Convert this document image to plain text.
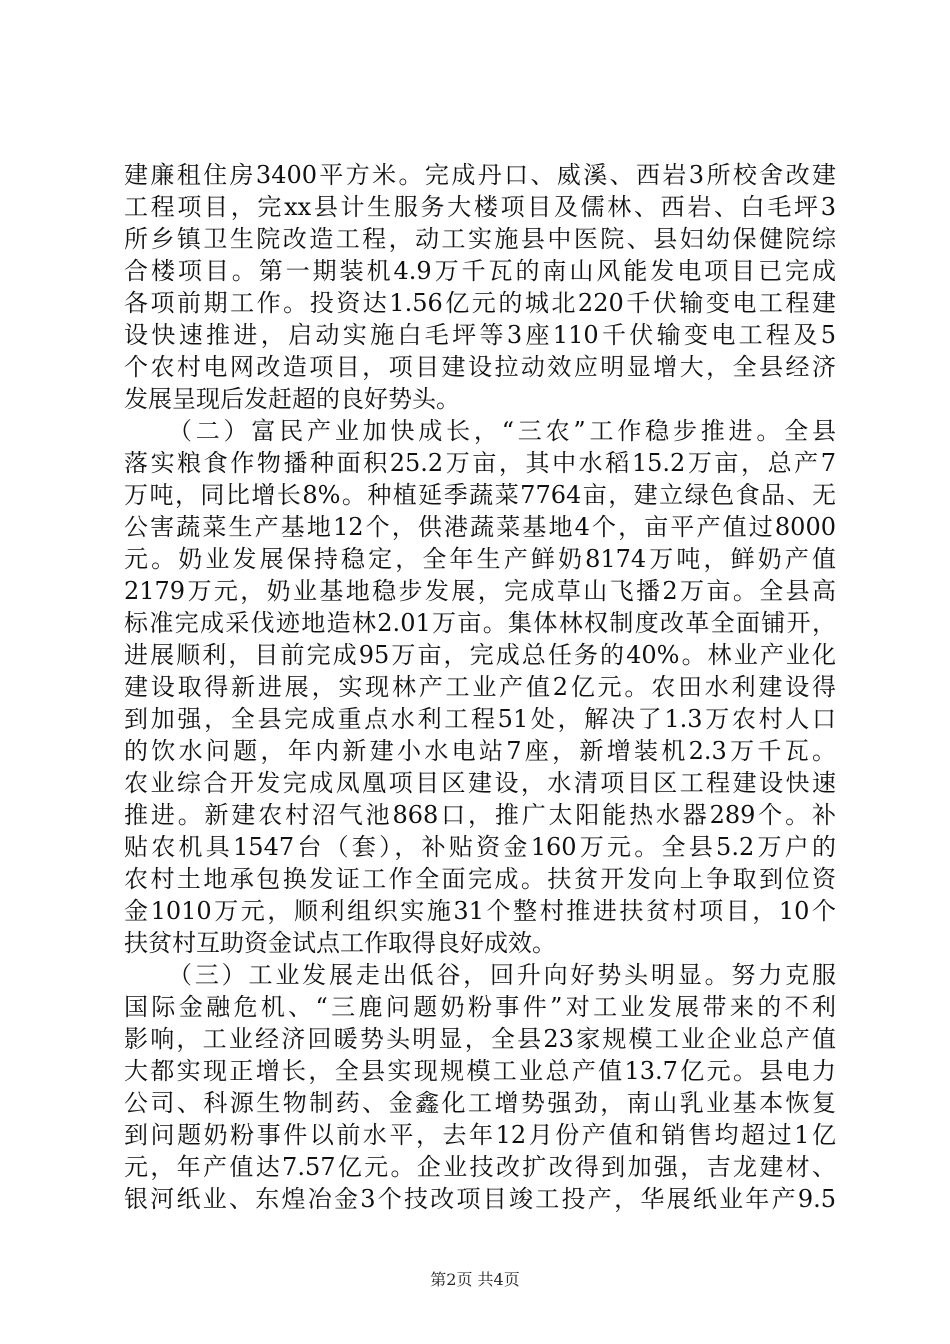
建廉租住房3400平方米。完成丹口、威溪、西岩3所校舍改建
工程项目，完xx县计生服务大楼项目及儒林、西岩、白毛坪3
所乡镇卫生院改造工程，动工实施县中医院、县妇幼保健院综
合楼项目。第一期装机4.9万千瓦的南山风能发电项目已完成
各项前期工作。投资达1.56亿元的城北220千伏输变电工程建
设快速推进，启动实施白毛坪等3座110千伏输变电工程及5
个农村电网改造项目，项目建设拉动效应明显增大，全县经济
发展呈现后发赶超的良好势头。
（二）富民产业加快成长，“三农”工作稳步推进。全县
落实粮食作物播种面积25.2万亩，其中水稻15.2万亩，总产7
万吨，同比增长8%。种植延季蔬菜7764亩，建立绿色食品、无
公害蔬菜生产基地12个，供港蔬菜基地4个，亩平产值过8000
元。奶业发展保持稳定，全年生产鲜奶8174万吨，鲜奶产值
2179万元，奶业基地稳步发展，完成草山飞播2万亩。全县高
标准完成采伐迹地造林2.01万亩。集体林权制度改革全面铺开，
进展顺利，目前完成95万亩，完成总任务的40%。林业产业化
建设取得新进展，实现林产工业产值2亿元。农田水利建设得
到加强，全县完成重点水利工程51处，解决了1.3万农村人口
的饮水问题，年内新建小水电站7座，新增装机2.3万千瓦。
农业综合开发完成凤凰项目区建设，水清项目区工程建设快速
推进。新建农村沼气池868口，推广太阳能热水器289个。补
贴农机具1547台（套），补贴资金160万元。全县5.2万户的
农村土地承包换发证工作全面完成。扶贫开发向上争取到位资
金1010万元，顺利组织实施31个整村推进扶贫村项目，10个
扶贫村互助资金试点工作取得良好成效。
（三）工业发展走出低谷，回升向好势头明显。努力克服
国际金融危机、“三鹿问题奶粉事件”对工业发展带来的不利
影响，工业经济回暖势头明显，全县23家规模工业企业总产值
大都实现正增长，全县实现规模工业总产值13.7亿元。县电力
公司、科源生物制药、金鑫化工增势强劲，南山乳业基本恢复
到问题奶粉事件以前水平，去年12月份产值和销售均超过1亿
元，年产值达7.57亿元。企业技改扩改得到加强，吉龙建材、
银河纸业、东煌冶金3个技改项目竣工投产，华展纸业年产9.5
第2页 共4页
